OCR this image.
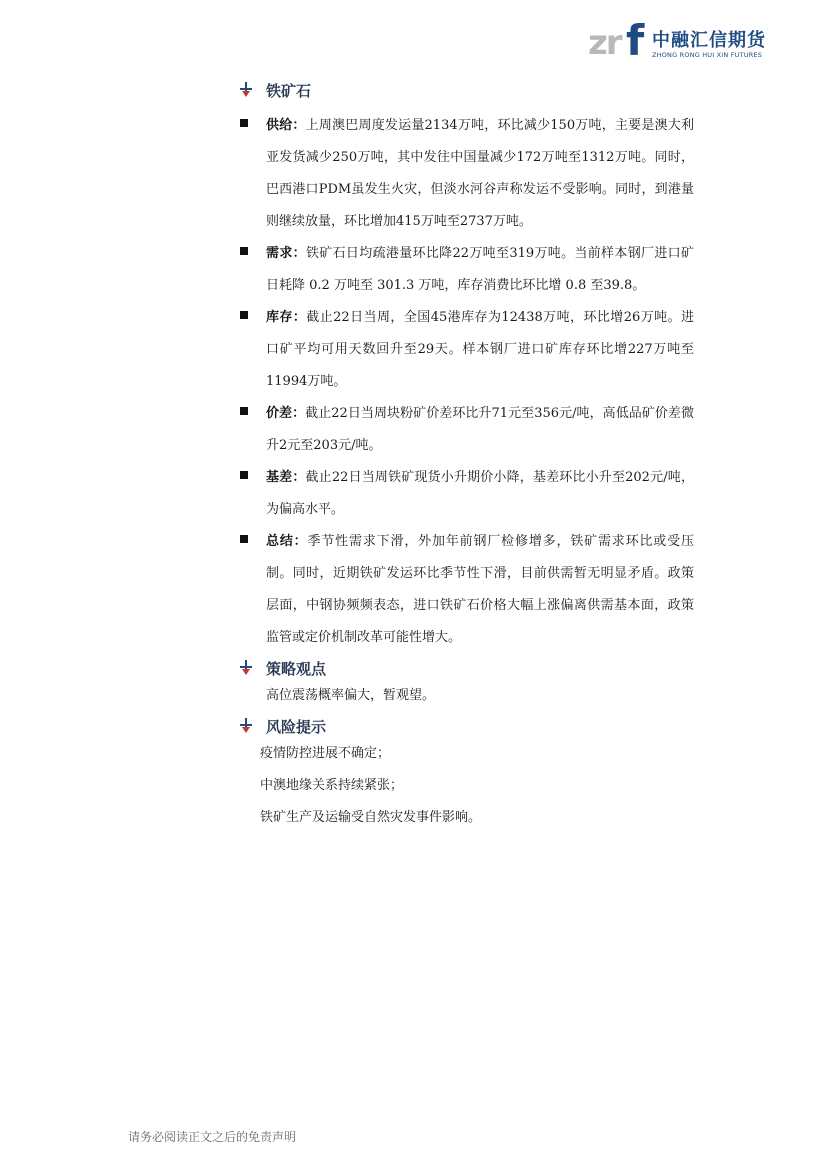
zr f 中融汇信期货
ZHONG RONG HUI XIN FUTURES
铁矿石

供给：上周澳巴周度发运量2134万吨，环比减少150万吨，主要是澳大利亚发货减少250万吨，其中发往中国量减少172万吨至1312万吨。同时，巴西港口PDM虽发生火灾，但淡水河谷声称发运不受影响。同时，到港量则继续放量，环比增加415万吨至2737万吨。

需求：铁矿石日均疏港量环比降22万吨至319万吨。当前样本钢厂进口矿日耗降 0.2 万吨至 301.3 万吨，库存消费比环比增 0.8 至39.8。

库存：截止22日当周，全国45港库存为12438万吨，环比增26万吨。进口矿平均可用天数回升至29天。样本钢厂进口矿库存环比增227万吨至11994万吨。

价差：截止22日当周块粉矿价差环比升71元至356元/吨，高低品矿价差微升2元至203元/吨。

基差：截止22日当周铁矿现货小升期价小降，基差环比小升至202元/吨，为偏高水平。

总结：季节性需求下滑，外加年前钢厂检修增多，铁矿需求环比或受压制。同时，近期铁矿发运环比季节性下滑，目前供需暂无明显矛盾。政策层面，中钢协频频表态，进口铁矿石价格大幅上涨偏离供需基本面，政策监管或定价机制改革可能性增大。

策略观点

高位震荡概率偏大，暂观望。

风险提示

疫情防控进展不确定；

中澳地缘关系持续紧张；

铁矿生产及运输受自然灾发事件影响。

请务必阅读正文之后的免责声明
